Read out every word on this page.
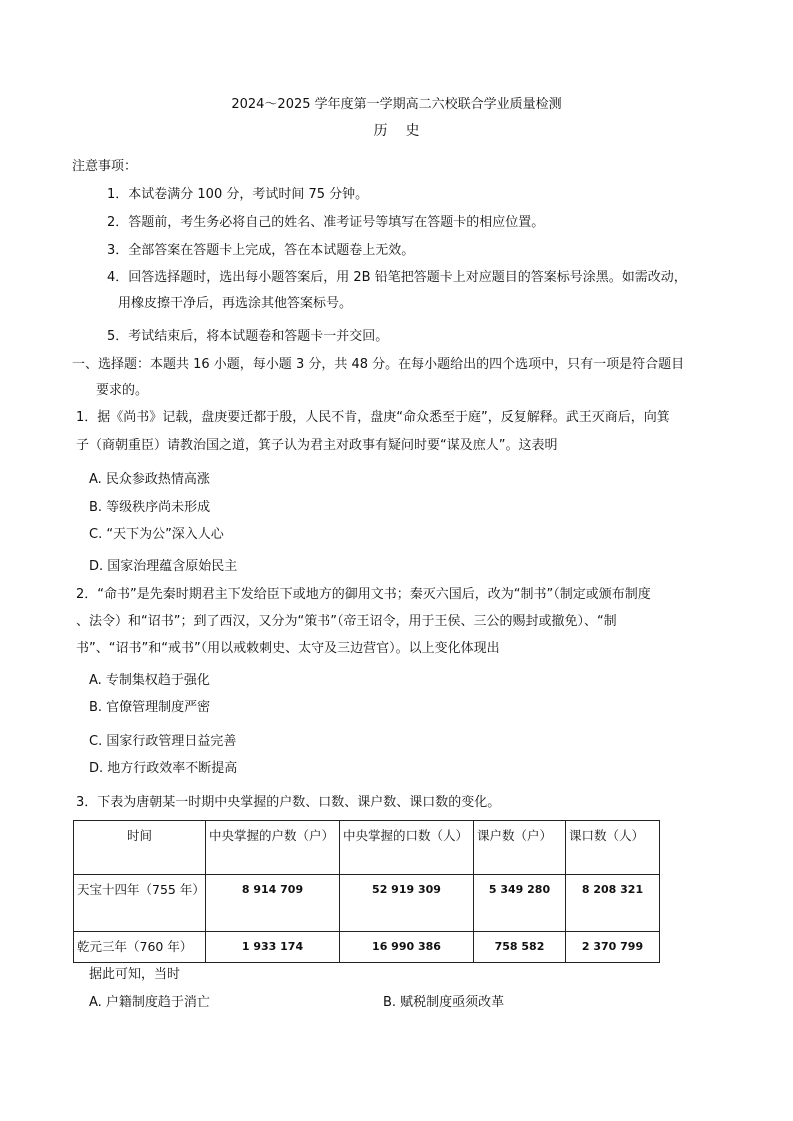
2024～2025 学年度第一学期高二六校联合学业质量检测
历史
注意事项：
1．本试卷满分 100 分，考试时间 75 分钟。
2．答题前，考生务必将自己的姓名、准考证号等填写在答题卡的相应位置。
3．全部答案在答题卡上完成，答在本试题卷上无效。
4．回答选择题时，选出每小题答案后，用 2B 铅笔把答题卡上对应题目的答案标号涂黑。如需改动，
用橡皮擦干净后，再选涂其他答案标号。
5．考试结束后，将本试题卷和答题卡一并交回。
一、选择题：本题共 16 小题，每小题 3 分，共 48 分。在每小题给出的四个选项中，只有一项是符合题目
要求的。
1．据《尚书》记载，盘庚要迁都于殷，人民不肯，盘庚“命众悉至于庭”，反复解释。武王灭商后，向箕
子（商朝重臣）请教治国之道，箕子认为君主对政事有疑问时要“谋及庶人”。这表明
A. 民众参政热情高涨
B. 等级秩序尚未形成
C. “天下为公”深入人心
D. 国家治理蕴含原始民主
2．“命书”是先秦时期君主下发给臣下或地方的御用文书；秦灭六国后，改为“制书”（制定或颁布制度
、法令）和“诏书”；到了西汉，又分为“策书”（帝王诏令，用于王侯、三公的赐封或撤免）、“制
书”、“诏书”和“戒书”（用以戒敕刺史、太守及三边营官）。以上变化体现出
A. 专制集权趋于强化
B. 官僚管理制度严密
C. 国家行政管理日益完善
D. 地方行政效率不断提高
3．下表为唐朝某一时期中央掌握的户数、口数、课户数、课口数的变化。
时间	中央掌握的户数（户）	中央掌握的口数（人）	课户数（户）	课口数（人）
天宝十四年（755 年）	8 914 709	52 919 309	5 349 280	8 208 321
乾元三年（760 年）	1 933 174	16 990 386	758 582	2 370 799
据此可知，当时
A. 户籍制度趋于消亡	B. 赋税制度亟须改革
